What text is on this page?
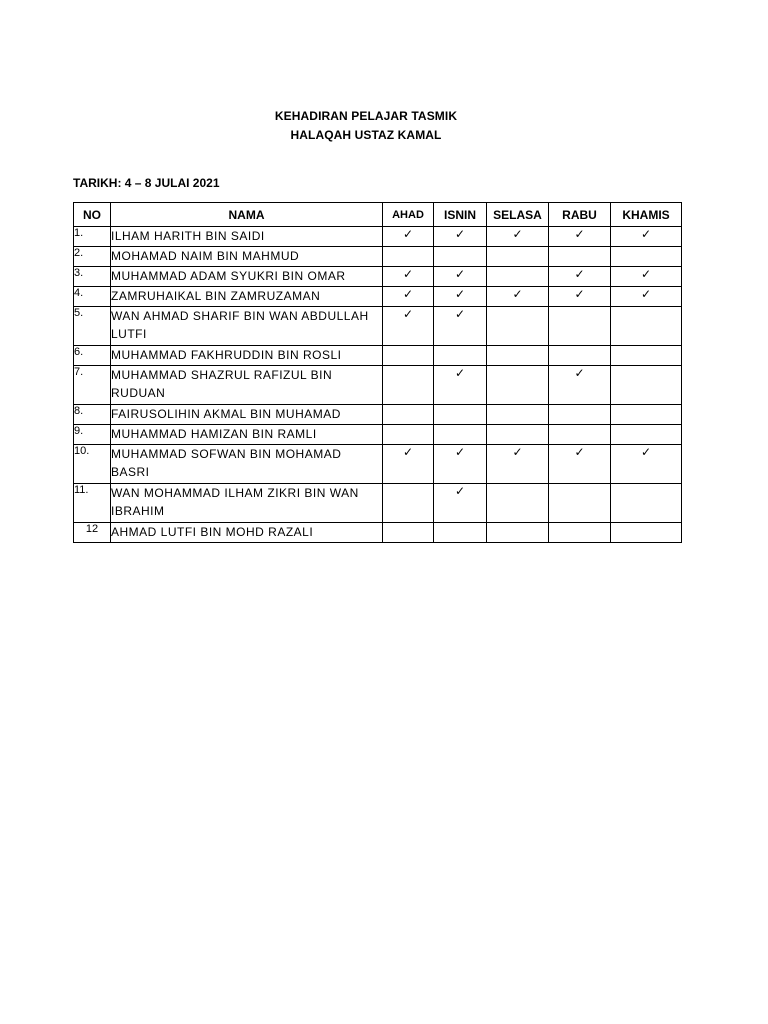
KEHADIRAN PELAJAR TASMIK
HALAQAH USTAZ KAMAL
TARIKH: 4 – 8 JULAI 2021
NO	NAMA	AHAD	ISNIN	SELASA	RABU	KHAMIS
1.	ILHAM HARITH BIN SAIDI	✓	✓	✓	✓	✓
2.	MOHAMAD NAIM BIN MAHMUD					
3.	MUHAMMAD ADAM SYUKRI BIN OMAR	✓	✓		✓	✓
4.	ZAMRUHAIKAL BIN ZAMRUZAMAN	✓	✓	✓	✓	✓
5.	WAN AHMAD SHARIF BIN WAN ABDULLAH LUTFI	✓	✓			
6.	MUHAMMAD FAKHRUDDIN BIN ROSLI					
7.	MUHAMMAD SHAZRUL RAFIZUL BIN RUDUAN		✓		✓	
8.	FAIRUSOLIHIN AKMAL BIN MUHAMAD					
9.	MUHAMMAD HAMIZAN BIN RAMLI					
10.	MUHAMMAD SOFWAN BIN MOHAMAD BASRI	✓	✓	✓	✓	✓
11.	WAN MOHAMMAD ILHAM ZIKRI BIN WAN IBRAHIM		✓			
12	AHMAD LUTFI BIN MOHD RAZALI					
